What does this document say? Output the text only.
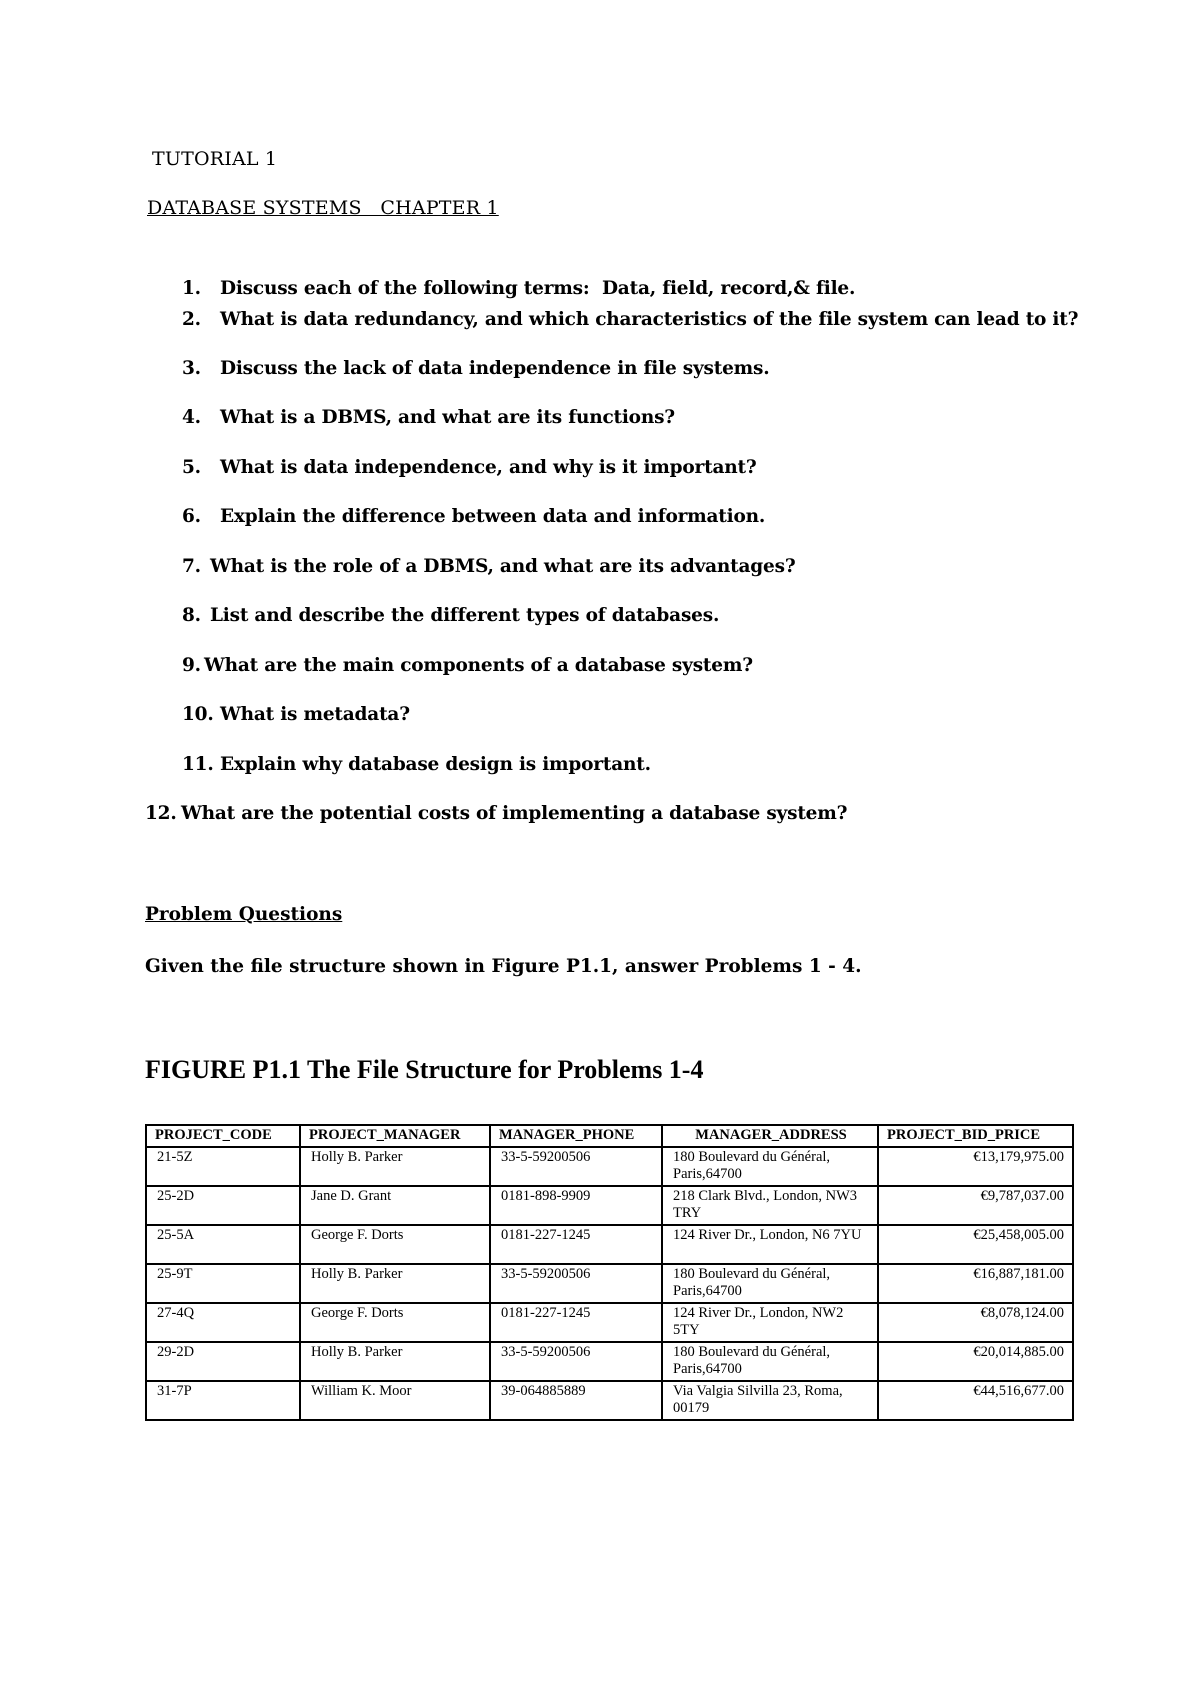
TUTORIAL 1
DATABASE SYSTEMS   CHAPTER 1
1. Discuss each of the following terms:  Data, field, record,& file.
2. What is data redundancy, and which characteristics of the file system can lead to it?
3. Discuss the lack of data independence in file systems.
4. What is a DBMS, and what are its functions?
5. What is data independence, and why is it important?
6. Explain the difference between data and information.
7. What is the role of a DBMS, and what are its advantages?
8. List and describe the different types of databases.
9. What are the main components of a database system?
10. What is metadata?
11. Explain why database design is important.
12. What are the potential costs of implementing a database system?
Problem Questions
Given the file structure shown in Figure P1.1, answer Problems 1 - 4.
FIGURE P1.1 The File Structure for Problems 1-4
PROJECT_CODE	PROJECT_MANAGER	MANAGER_PHONE	MANAGER_ADDRESS	PROJECT_BID_PRICE
21-5Z	Holly B. Parker	33-5-59200506	180 Boulevard du Général, Paris,64700	€13,179,975.00
25-2D	Jane D. Grant	0181-898-9909	218 Clark Blvd., London, NW3 TRY	€9,787,037.00
25-5A	George F. Dorts	0181-227-1245	124 River Dr., London, N6 7YU	€25,458,005.00
25-9T	Holly B. Parker	33-5-59200506	180 Boulevard du Général, Paris,64700	€16,887,181.00
27-4Q	George F. Dorts	0181-227-1245	124 River Dr., London, NW2 5TY	€8,078,124.00
29-2D	Holly B. Parker	33-5-59200506	180 Boulevard du Général, Paris,64700	€20,014,885.00
31-7P	William K. Moor	39-064885889	Via Valgia Silvilla 23, Roma, 00179	€44,516,677.00
